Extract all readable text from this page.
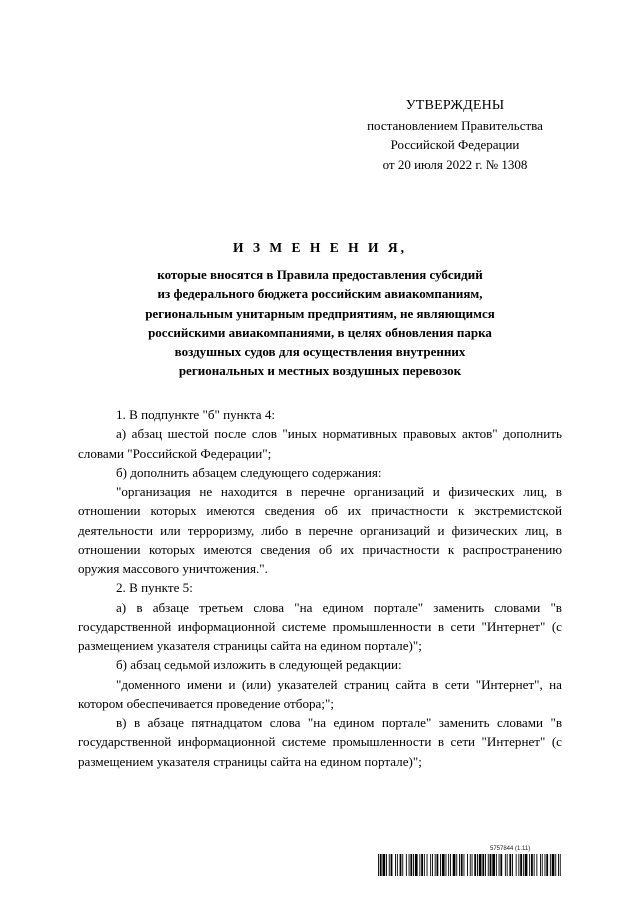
УТВЕРЖДЕНЫ
постановлением Правительства
Российской Федерации
от 20 июля 2022 г. № 1308
И З М Е Н Е Н И Я,
которые вносятся в Правила предоставления субсидий
из федерального бюджета российским авиакомпаниям,
региональным унитарным предприятиям, не являющимся
российскими авиакомпаниями, в целях обновления парка
воздушных судов для осуществления внутренних
региональных и местных воздушных перевозок

1. В подпункте "б" пункта 4:

а) абзац шестой после слов "иных нормативных правовых актов" дополнить словами "Российской Федерации";

б) дополнить абзацем следующего содержания:

"организация не находится в перечне организаций и физических лиц, в отношении которых имеются сведения об их причастности к экстремистской деятельности или терроризму, либо в перечне организаций и физических лиц, в отношении которых имеются сведения об их причастности к распространению оружия массового уничтожения.".

2. В пункте 5:

а) в абзаце третьем слова "на едином портале" заменить словами "в государственной информационной системе промышленности в сети "Интернет" (с размещением указателя страницы сайта на едином портале)";

б) абзац седьмой изложить в следующей редакции:

"доменного имени и (или) указателей страниц сайта в сети "Интернет", на котором обеспечивается проведение отбора;";

в) в абзаце пятнадцатом слова "на едином портале" заменить словами "в государственной информационной системе промышленности в сети "Интернет" (с размещением указателя страницы сайта на едином портале)";

5757844 (1.11)
